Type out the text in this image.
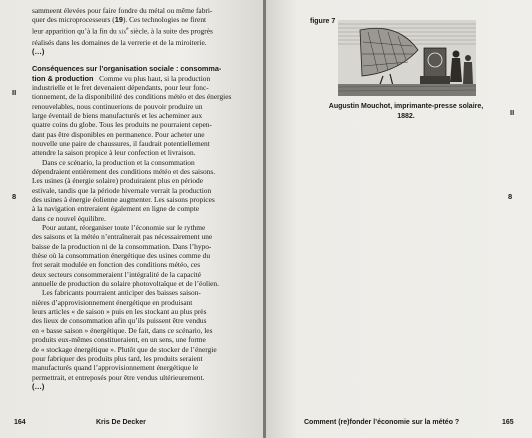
sammeent élevées pour faire fondre du métal ou même fabri-

quer des microprocesseurs (19). Ces technologies ne firent

leur apparition qu’à la fin du xix$^e$ siècle, à la suite des progrès

réalisés dans les domaines de la verrerie et de la miroiterie.

(…)

Conséquences sur l’organisation sociale : consomma-

tion & production Comme vu plus haut, si la production

industrielle et le fret devenaient dépendants, pour leur fonc-

tionnement, de la disponibilité des conditions météo et des énergies

renouvelables, nous continuerions de pouvoir produire un

large éventail de biens manufacturés et les acheminer aux

quatre coins du globe. Tous les produits ne pourraient cepen-

dant pas être disponibles en permanence. Pour acheter une

nouvelle une paire de chaussures, il faudrait potentiellement

attendre la saison propice à leur confection et livraison.

Dans ce scénario, la production et la consommation

dépendraient entièrement des conditions météo et des saisons.

Les usines (à énergie solaire) produiraient plus en période

estivale, tandis que la période hivernale verrait la production

des usines à énergie éolienne augmenter. Les saisons propices

à la navigation entreraient également en ligne de compte

dans ce nouvel équilibre.

Pour autant, réorganiser toute l’économie sur le rythme

des saisons et la météo n’entraînerait pas nécessairement une

baisse de la production ni de la consommation. Dans l’hypo-

thèse où la consommation énergétique des usines comme du

fret serait modulée en fonction des conditions météo, ces

deux secteurs consommeraient l’intégralité de la capacité

annuelle de production du solaire photovoltaïque et de l’éolien.

Les fabricants pourraient anticiper des baisses saison-

nières d’approvisionnement énergétique en produisant

leurs articles « de saison » puis en les stockant au plus près

des lieux de consommation afin qu’ils puissent être vendus

en « basse saison » énergétique. De fait, dans ce scénario, les

produits eux-mêmes constitueraient, en un sens, une forme

de « stockage énergétique ». Plutôt que de stocker de l’énergie

pour fabriquer des produits plus tard, les produits seraient

manufacturés quand l’approvisionnement énergétique le

permettrait, et entreposés pour être vendus ultérieurement.

(…)

II
8
164	Kris De Decker
figure 7
Augustin Mouchot, imprimante-presse solaire,
1882.	II
8
Comment (re)fonder l’économie sur la météo ?	165
